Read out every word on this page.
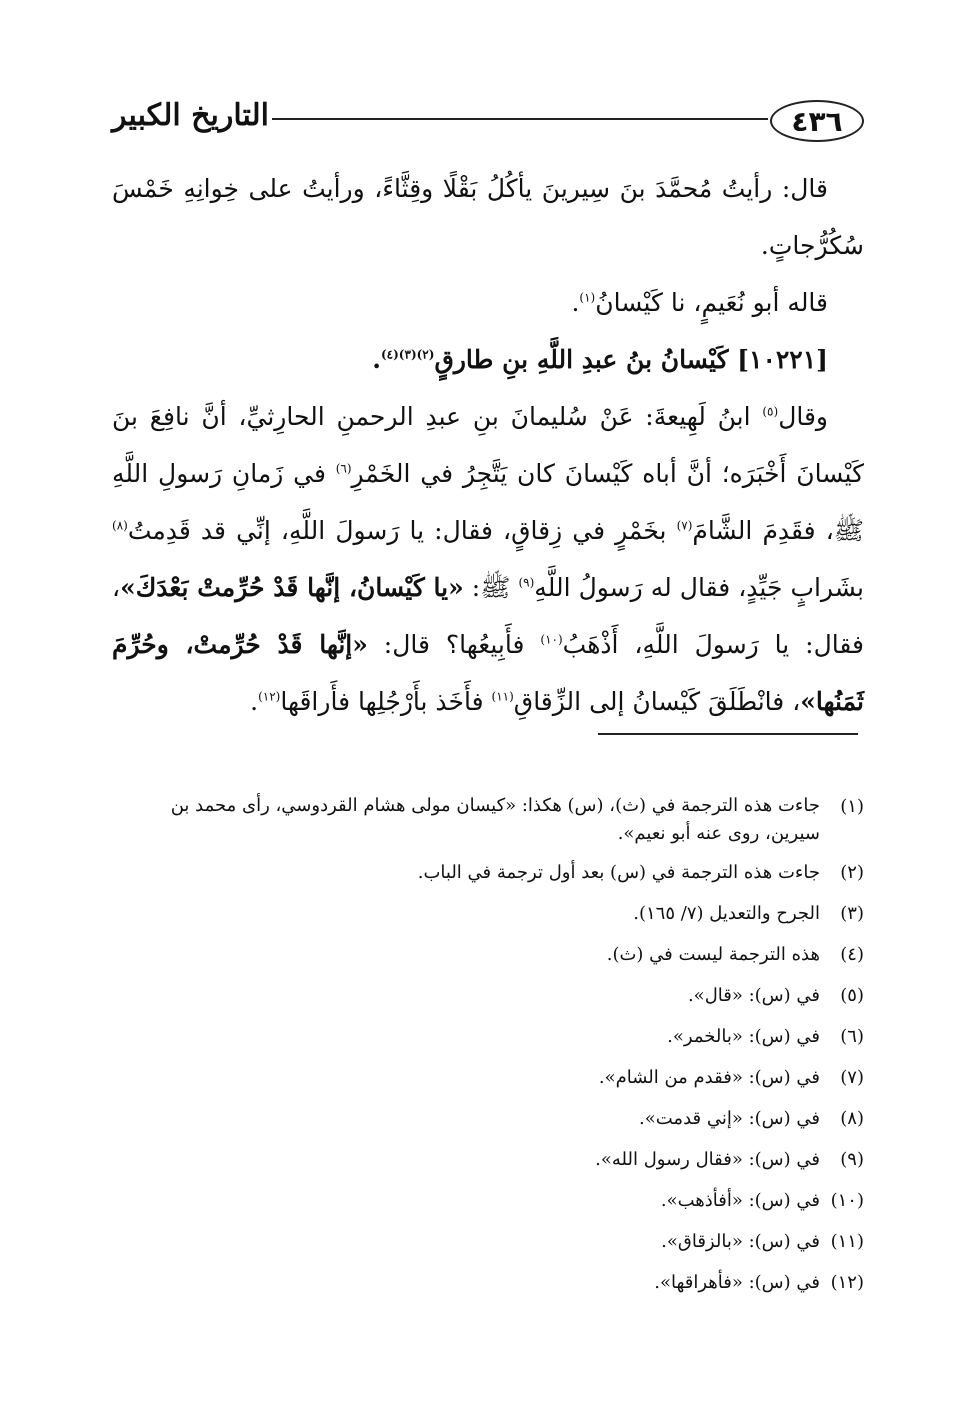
٤٣٦
التاريخ الكبير

قال: رأيتُ مُحمَّدَ بنَ سِيرينَ يأكُلُ بَقْلًا وقِثَّاءً، ورأيتُ على خِوانِهِ خَمْسَ سُكُرُّجاتٍ.

قاله أبو نُعَيمٍ، نا كَيْسانُ$^{(١)}$.

[١٠٢٢١] كَيْسانُ بنُ عبدِ اللَّهِ بنِ طارقٍ$^{(٢)(٣)(٤)}$.

وقال$^{(٥)}$ ابنُ لَهِيعةَ: عَنْ سُليمانَ بنِ عبدِ الرحمنِ الحارِثيِّ، أنَّ نافِعَ بنَ كَيْسانَ أَخْبَرَه؛ أنَّ أباه كَيْسانَ كان يَتَّجِرُ في الخَمْرِ$^{(٦)}$ في زَمانِ رَسولِ اللَّهِ ﷺ، فقَدِمَ الشَّامَ$^{(٧)}$ بخَمْرٍ في زِقاقٍ، فقال: يا رَسولَ اللَّهِ، إنِّي قد قَدِمتُ$^{(٨)}$ بشَرابٍ جَيِّدٍ، فقال له رَسولُ اللَّهِ$^{(٩)}$ ﷺ: «يا كَيْسانُ، إنَّها قَدْ حُرِّمتْ بَعْدَكَ»، فقال: يا رَسولَ اللَّهِ، أَذْهَبُ$^{(١٠)}$ فأَبِيعُها؟ قال: «إنَّها قَدْ حُرِّمتْ، وحُرِّمَ ثَمَنُها»، فانْطَلَقَ كَيْسانُ إلى الزِّقاقِ$^{(١١)}$ فأَخَذ بأَرْجُلِها فأَراقَها$^{(١٢)}$.

(١)
جاءت هذه الترجمة في (ث)، (س) هكذا: «كيسان مولى هشام القردوسي، رأى محمد بن سيرين، روى عنه أبو نعيم».
(٢)
جاءت هذه الترجمة في (س) بعد أول ترجمة في الباب.
(٣)
الجرح والتعديل (٧/ ١٦٥).
(٤)
هذه الترجمة ليست في (ث).
(٥)
في (س): «قال».
(٦)
في (س): «بالخمر».
(٧)
في (س): «فقدم من الشام».
(٨)
في (س): «إني قدمت».
(٩)
في (س): «فقال رسول الله».
(١٠)
في (س): «أفأذهب».
(١١)
في (س): «بالزقاق».
(١٢)
في (س): «فأهراقها».
